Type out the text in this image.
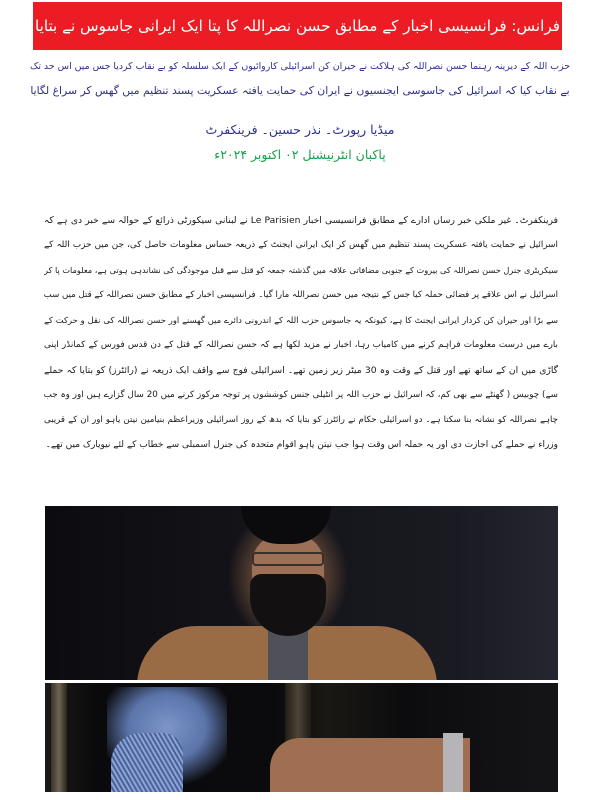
فرانس: فرانسیسی اخبار کے مطابق حسن نصراللہ کا پتا ایک ایرانی جاسوس نے بتایا

حزب اللہ کے دیرینہ رہنما حسن نصراللہ کی ہلاکت نے حیران کن اسرائیلی کاروائیوں کے ایک سلسلہ کو بے نقاب کردیا جس میں اس حد تک

بے نقاب کیا کہ اسرائیل کی جاسوسی ایجنسیوں نے ایران کی حمایت یافتہ عسکریت پسند تنظیم میں گھس کر سراغ لگایا

میڈیا رپورٹ۔ نذر حسین۔ فرینکفرٹ
پاکبان انٹرنیشنل ۰۲ اکتوبر ۲۰۲۴ء

فرینکفرٹ۔ غیر ملکی خبر رساں ادارے کے مطابق فرانسیسی اخبار Le Parisien نے لبنانی سیکورٹی ذرائع کے حوالہ سے خبر دی ہے کہ

اسرائیل نے حمایت یافتہ عسکریت پسند تنظیم میں گھس کر ایک ایرانی ایجنٹ کے ذریعہ حساس معلومات حاصل کی، جن میں حزب اللہ کے

سیکریٹری جنرل حسن نصراللہ کی بیروت کے جنوبی مضافاتی علاقہ میں گذشتہ جمعہ کو قتل سے قبل موجودگی کی نشاندہی ہوتی ہے، معلومات پا کر

اسرائیل نے اس علاقے پر فضائی حملہ کیا جس کے نتیجہ میں حسن نصراللہ مارا گیا۔ فرانسیسی اخبار کے مطابق حسن نصراللہ کے قتل میں سب

سے بڑا اور حیران کن کردار ایرانی ایجنٹ کا ہے، کیونکہ یہ جاسوس حزب اللہ کے اندرونی دائرے میں گھسنے اور حسن نصراللہ کی نقل و حرکت کے

بارے میں درست معلومات فراہم کرنے میں کامیاب رہا، اخبار نے مزید لکھا ہے کہ حسن نصراللہ کے قتل کے دن قدس فورس کے کمانڈر اپنی

گاڑی میں ان کے ساتھ تھے اور قتل کے وقت وہ 30 میٹر زیر زمین تھے۔ اسرائیلی فوج سے واقف ایک ذریعہ نے (رائٹرز) کو بتایا کہ حملے

سے) چوبیس ( گھنٹے سے بھی کم، کہ اسرائیل نے حزب اللہ پر انٹیلی جنس کوششوں پر توجہ مرکوز کرنے میں 20 سال گزارے ہیں اور وہ جب

چاہے نصراللہ کو نشانہ بنا سکتا ہے۔ دو اسرائیلی حکام نے رائٹرز کو بتایا کہ بدھ کے روز اسرائیلی وزیراعظم بنیامین نیتن یاہو اور ان کے قریبی

وزراء نے حملے کی اجازت دی اور یہ حملہ اس وقت ہوا جب نیتن یاہو اقوام متحدہ کی جنرل اسمبلی سے خطاب کے لئے نیویارک میں تھے۔
